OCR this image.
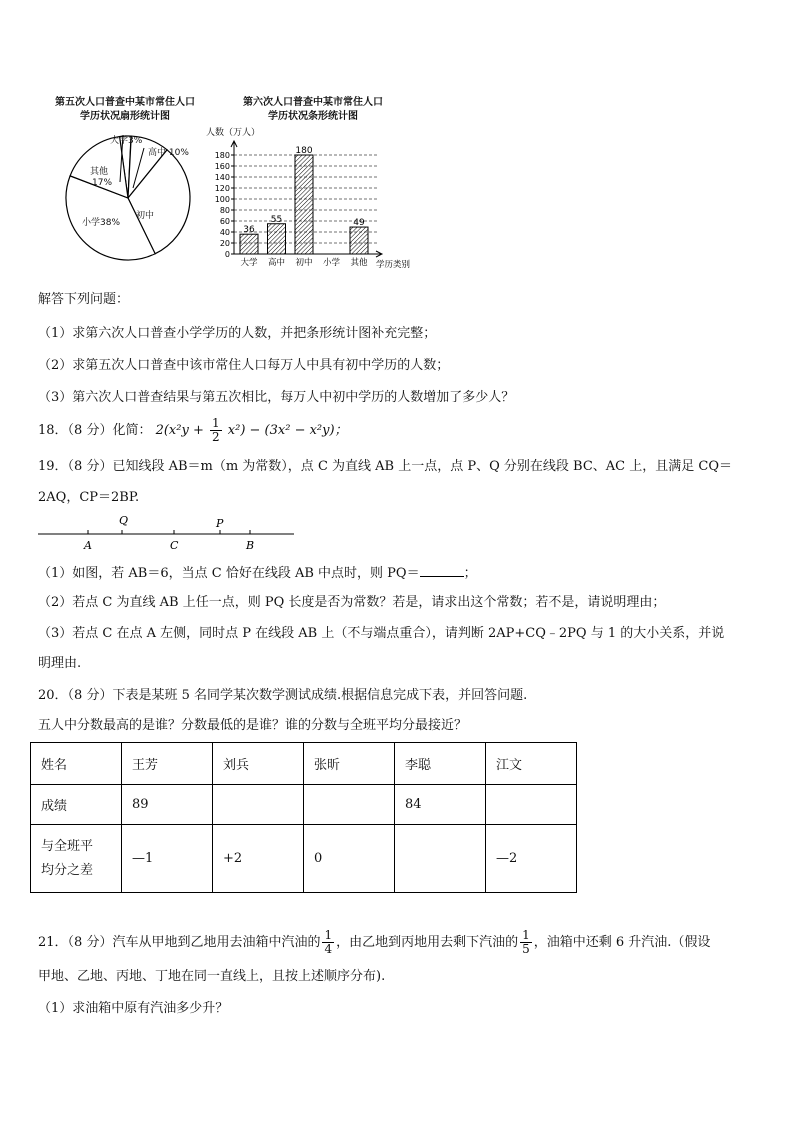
第五次人口普查中某市常住人口
学历状况扇形统计图
大学3%
高中 10%
其他
17%
小学38%
初中
第六次人口普查中某市常住人口
学历状况条形统计图
人数（万人）
0
20
40
60
80
100
120
140
160
180
36
大学
55
高中
180
初中 小学
49
其他 学历类别
解答下列问题：
（1）求第六次人口普查小学学历的人数，并把条形统计图补充完整；
（2）求第五次人口普查中该市常住人口每万人中具有初中学历的人数；
（3）第六次人口普查结果与第五次相比，每万人中初中学历的人数增加了多少人？
18．（8 分）化简： $2(x^2y + \frac{1}{2} x^2) - (3x^2 - x^2y)$；
19．（8 分）已知线段 AB＝m（m 为常数），点 C 为直线 AB 上一点，点 P、Q 分别在线段 BC、AC 上，且满足 CQ＝
2AQ，CP＝2BP.
Q	P
A	C	B
（1）如图，若 AB＝6，当点 C 恰好在线段 AB 中点时，则 PQ＝	；
（2）若点 C 为直线 AB 上任一点，则 PQ 长度是否为常数？若是，请求出这个常数；若不是，请说明理由；
（3）若点 C 在点 A 左侧，同时点 P 在线段 AB 上（不与端点重合），请判断 2AP+CQ﹣2PQ 与 1 的大小关系，并说
明理由.
20．（8 分）下表是某班 5 名同学某次数学测试成绩.根据信息完成下表，并回答问题.
五人中分数最高的是谁？分数最低的是谁？谁的分数与全班平均分最接近？
姓名	王芳	刘兵	张昕	李聪	江文
成绩	89			84	

与全班平
均分之差	—1	+2	0		—2
21．（8 分）汽车从甲地到乙地用去油箱中汽油的 $\frac{1}{4}$ ，由乙地到丙地用去剩下汽油的 $\frac{1}{5}$ ，油箱中还剩 6 升汽油.（假设
甲地、乙地、丙地、丁地在同一直线上，且按上述顺序分布).
（1）求油箱中原有汽油多少升？
